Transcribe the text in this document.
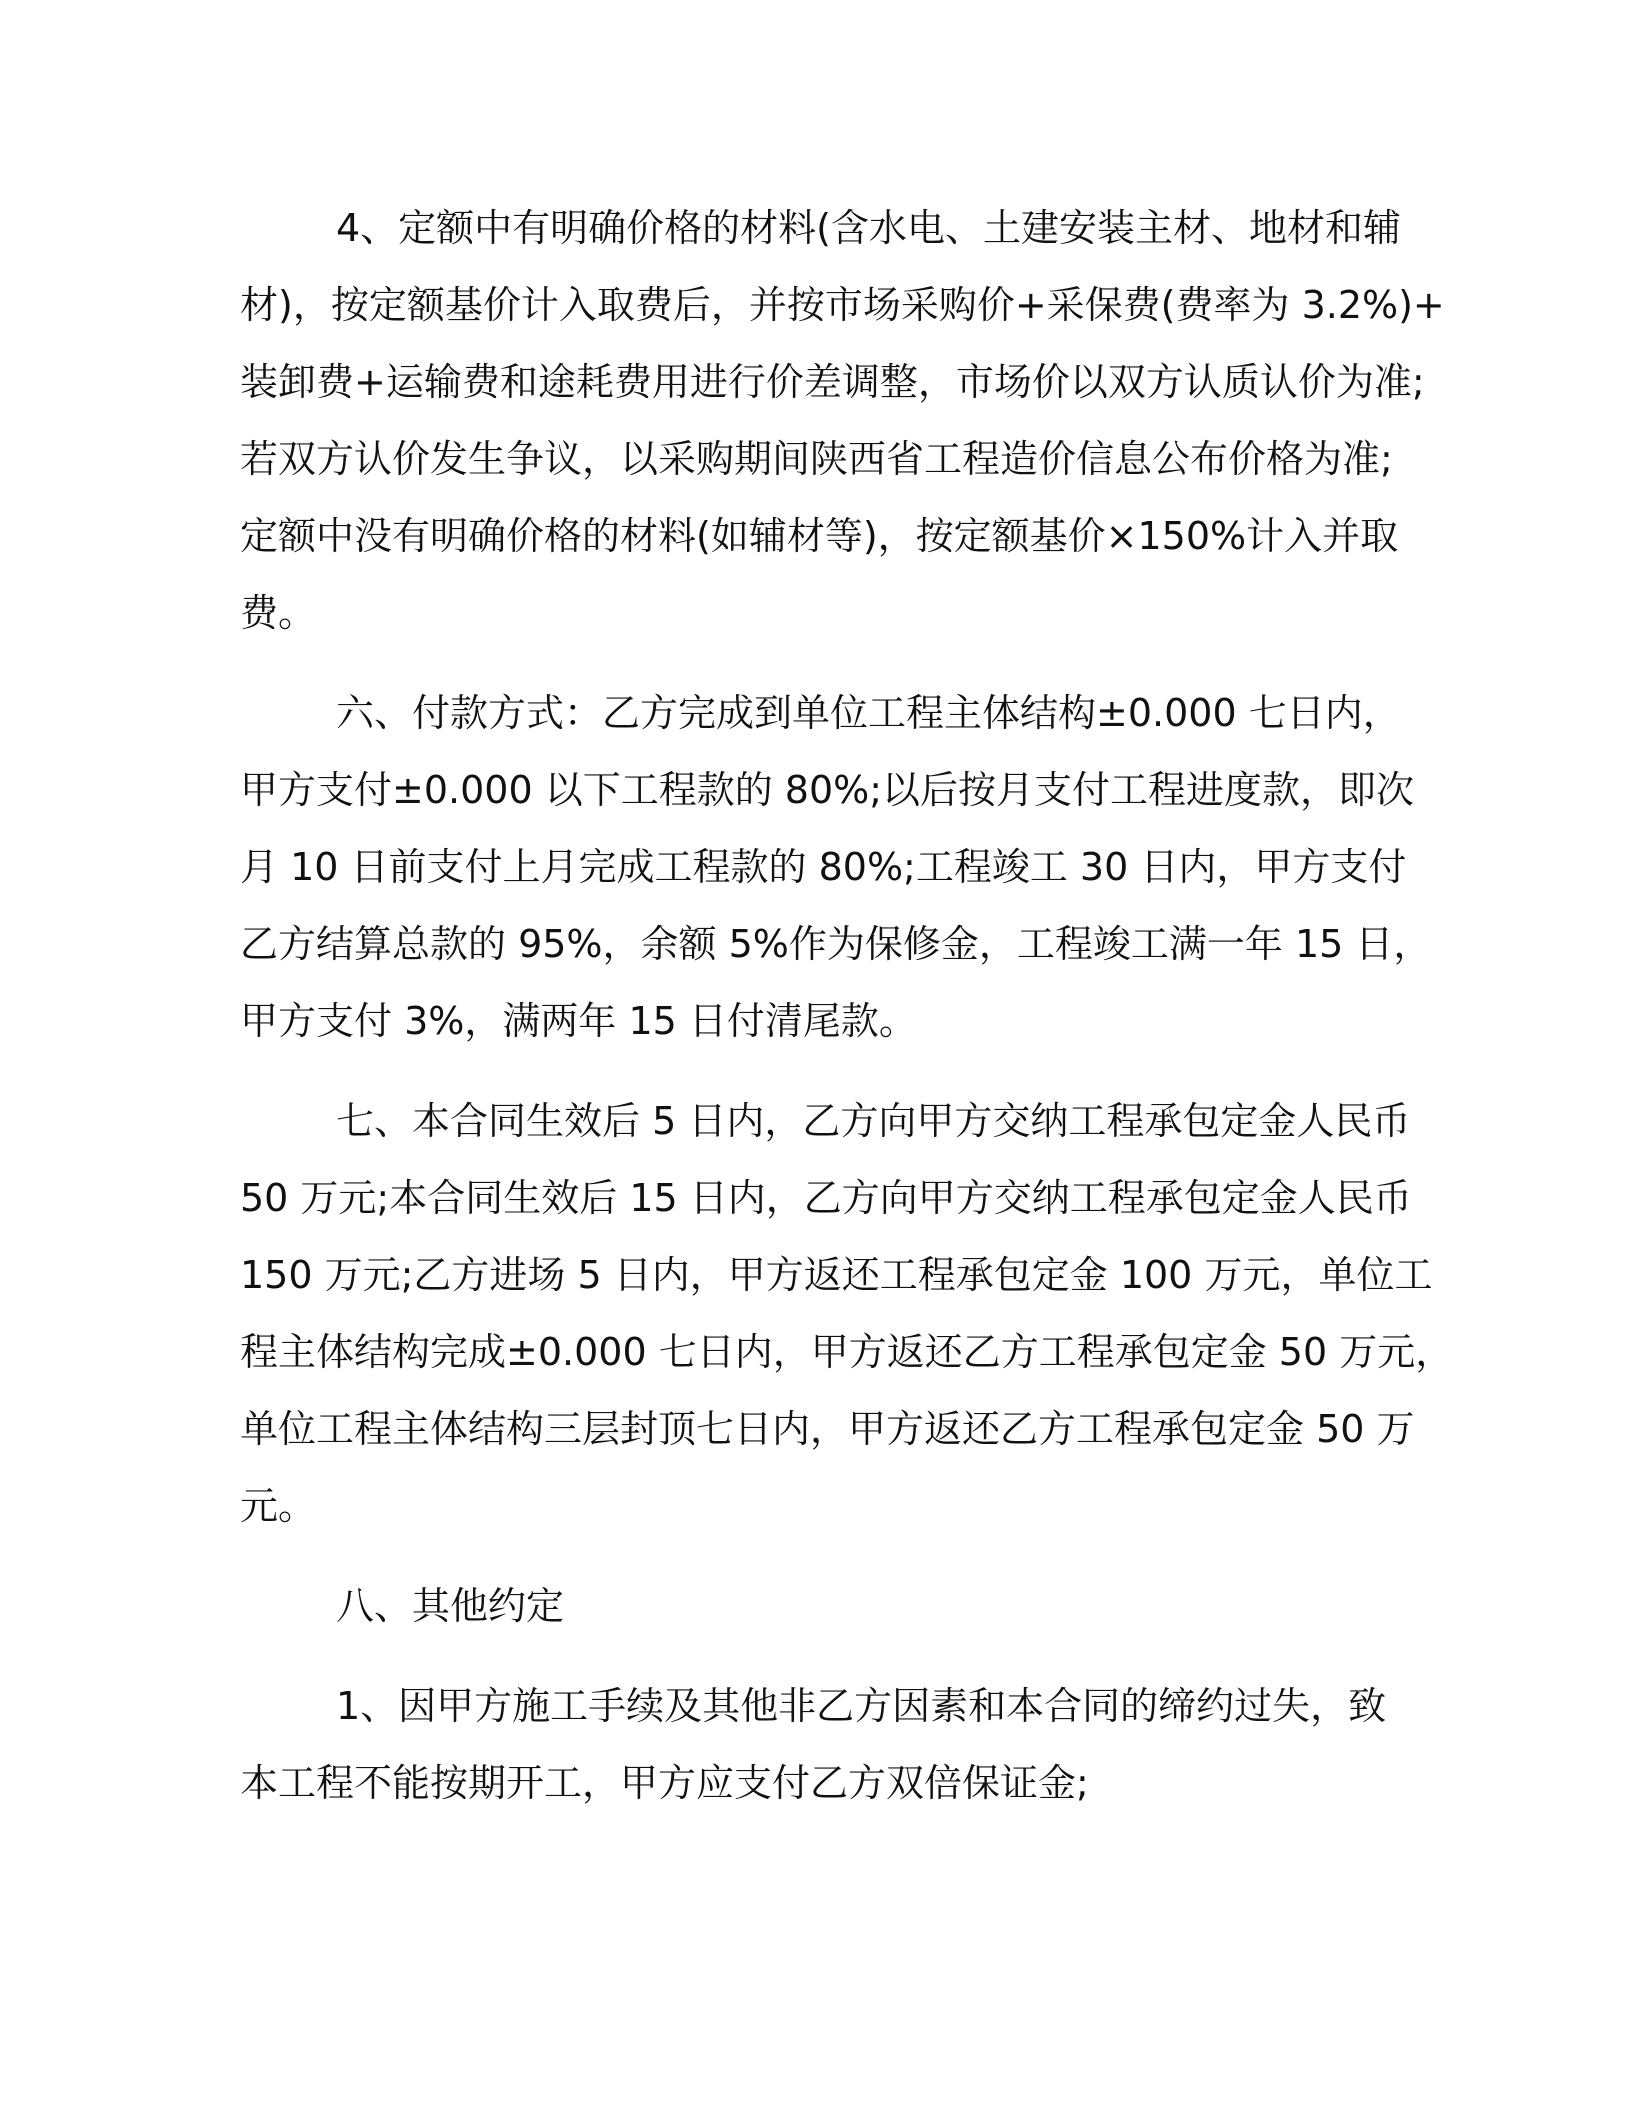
4、定额中有明确价格的材料(含水电、土建安装主材、地材和辅
材)，按定额基价计入取费后，并按市场采购价+采保费(费率为 3.2%)+
装卸费+运输费和途耗费用进行价差调整，市场价以双方认质认价为准;
若双方认价发生争议，以采购期间陕西省工程造价信息公布价格为准;
定额中没有明确价格的材料(如辅材等)，按定额基价×150%计入并取
费。
六、付款方式：乙方完成到单位工程主体结构±0.000 七日内，
甲方支付±0.000 以下工程款的 80%;以后按月支付工程进度款，即次
月 10 日前支付上月完成工程款的 80%;工程竣工 30 日内，甲方支付
乙方结算总款的 95%，余额 5%作为保修金，工程竣工满一年 15 日，
甲方支付 3%，满两年 15 日付清尾款。
七、本合同生效后 5 日内，乙方向甲方交纳工程承包定金人民币
50 万元;本合同生效后 15 日内，乙方向甲方交纳工程承包定金人民币
150 万元;乙方进场 5 日内，甲方返还工程承包定金 100 万元，单位工
程主体结构完成±0.000 七日内，甲方返还乙方工程承包定金 50 万元，
单位工程主体结构三层封顶七日内，甲方返还乙方工程承包定金 50 万
元。
八、其他约定
1、因甲方施工手续及其他非乙方因素和本合同的缔约过失，致
本工程不能按期开工，甲方应支付乙方双倍保证金;
